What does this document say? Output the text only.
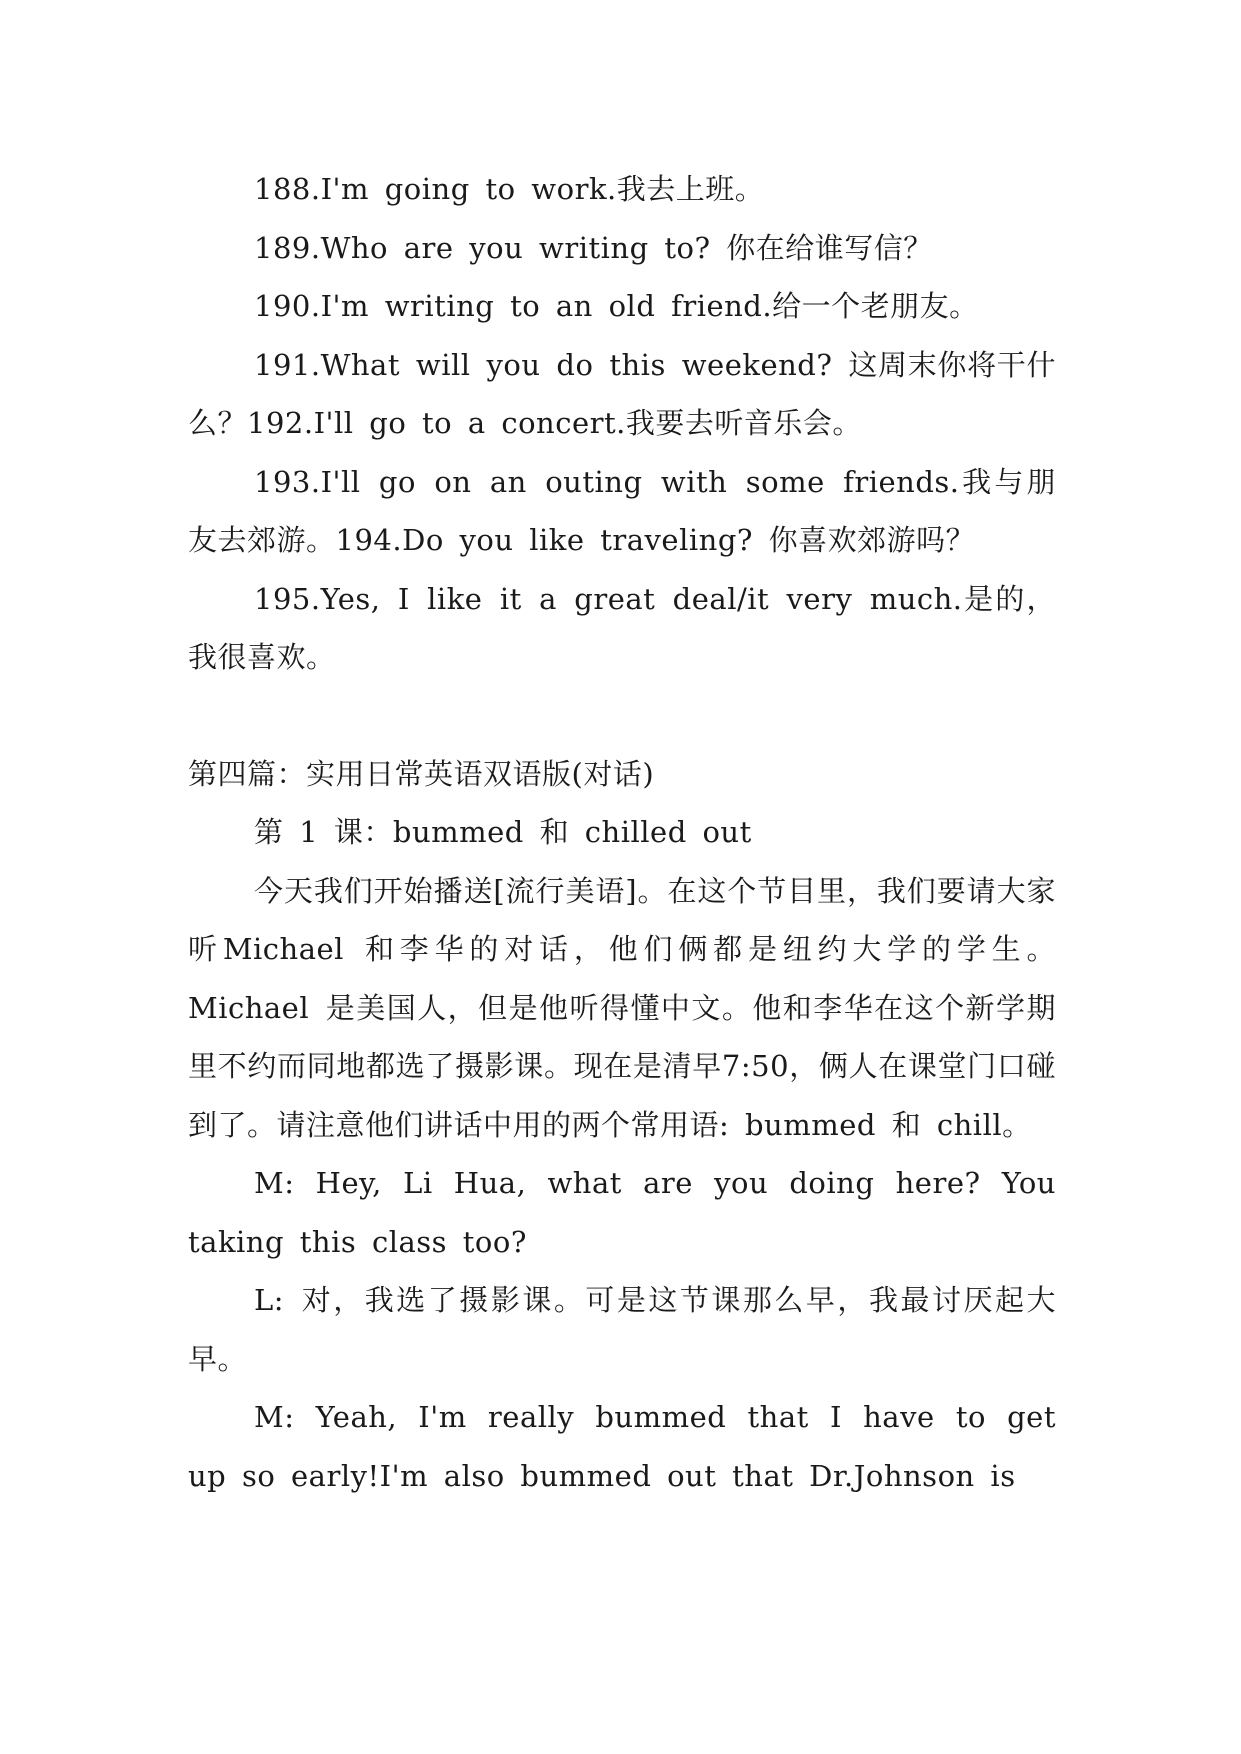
188.I'm going to work.我去上班。

189.Who are you writing to? 你在给谁写信？

190.I'm writing to an old friend.给一个老朋友。

191.What will you do this weekend? 这周末你将干什么？192.I'll go to a concert.我要去听音乐会。

193.I'll go on an outing with some friends.我与朋友去郊游。194.Do you like traveling? 你喜欢郊游吗？

195.Yes, I like it a great deal/it very much.是的，我很喜欢。

第四篇：实用日常英语双语版(对话)

第 1 课：bummed 和 chilled out

今天我们开始播送[流行美语]。在这个节目里，我们要请大家听Michael 和李华的对话，他们俩都是纽约大学的学生。Michael 是美国人，但是他听得懂中文。他和李华在这个新学期 里不约而同地都选了摄影课。现在是清早7:50，俩人在课堂门口碰到了。请注意他们讲话中用的两个常用语: bummed 和 chill。

M: Hey, Li Hua, what are you doing here? You taking this class too?

L: 对，我选了摄影课。可是这节课那么早，我最讨厌起大早。

M: Yeah, I'm really bummed that I have to get up so early!I'm also bummed out that Dr.Johnson is
